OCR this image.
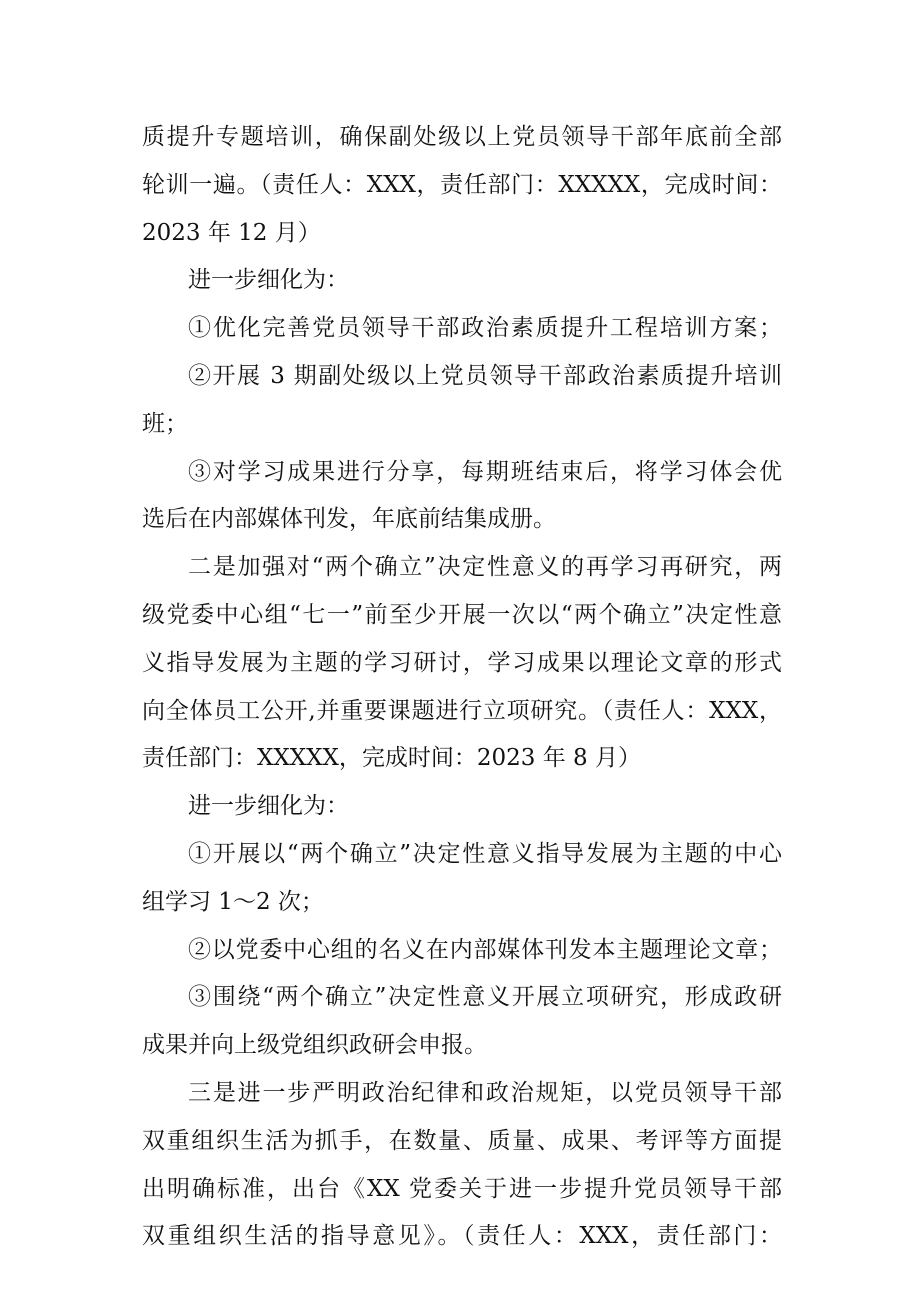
质提升专题培训，确保副处级以上党员领导干部年底前全部
轮训一遍。（责任人：XXX，责任部门：XXXXX，完成时间：
2023 年 12 月）
进一步细化为：
①优化完善党员领导干部政治素质提升工程培训方案；
②开展 3 期副处级以上党员领导干部政治素质提升培训
班；
③对学习成果进行分享，每期班结束后，将学习体会优
选后在内部媒体刊发，年底前结集成册。
二是加强对“两个确立”决定性意义的再学习再研究，两
级党委中心组“七一”前至少开展一次以“两个确立”决定性意
义指导发展为主题的学习研讨，学习成果以理论文章的形式
向全体员工公开,并重要课题进行立项研究。（责任人：XXX，
责任部门：XXXXX，完成时间：2023 年 8 月）
进一步细化为：
①开展以“两个确立”决定性意义指导发展为主题的中心
组学习 1～2 次；
②以党委中心组的名义在内部媒体刊发本主题理论文章；
③围绕“两个确立”决定性意义开展立项研究，形成政研
成果并向上级党组织政研会申报。
三是进一步严明政治纪律和政治规矩，以党员领导干部
双重组织生活为抓手，在数量、质量、成果、考评等方面提
出明确标准，出台《XX 党委关于进一步提升党员领导干部
双重组织生活的指导意见》。（责任人：XXX，责任部门：
